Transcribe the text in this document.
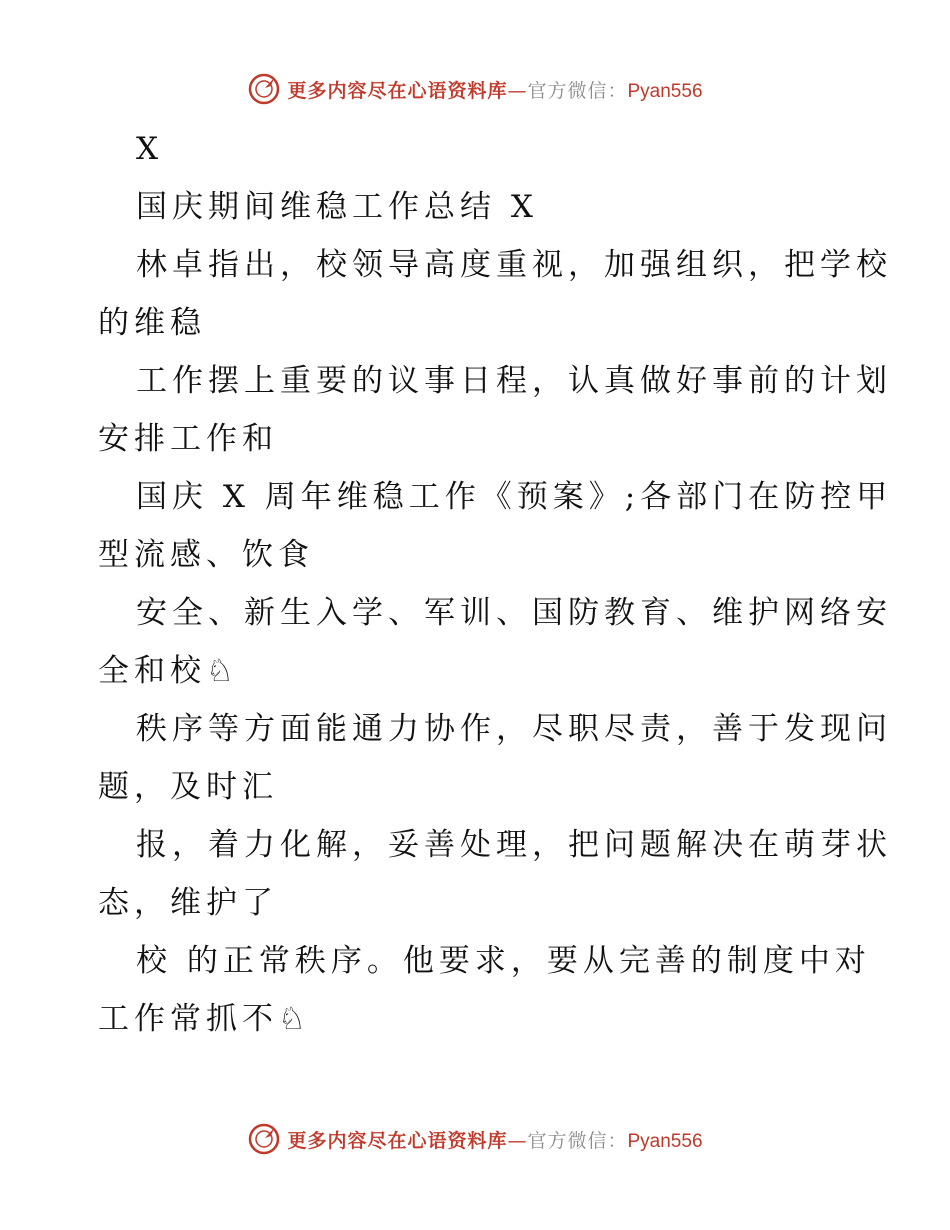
更多内容尽在心语资料库—官方微信：Pyan556
X
国庆期间维稳工作总结 X
林卓指出，校领导高度重视，加强组织，把学校
的维稳
工作摆上重要的议事日程，认真做好事前的计划
安排工作和
国庆 X 周年维稳工作《预案》;各部门在防控甲
型流感、饮食
安全、新生入学、军训、国防教育、维护网络安
全和校♘
秩序等方面能通力协作，尽职尽责，善于发现问
题，及时汇
报，着力化解，妥善处理，把问题解决在萌芽状
态，维护了
校 的正常秩序。他要求，要从完善的制度中对
工作常抓不♘
更多内容尽在心语资料库—官方微信：Pyan556
